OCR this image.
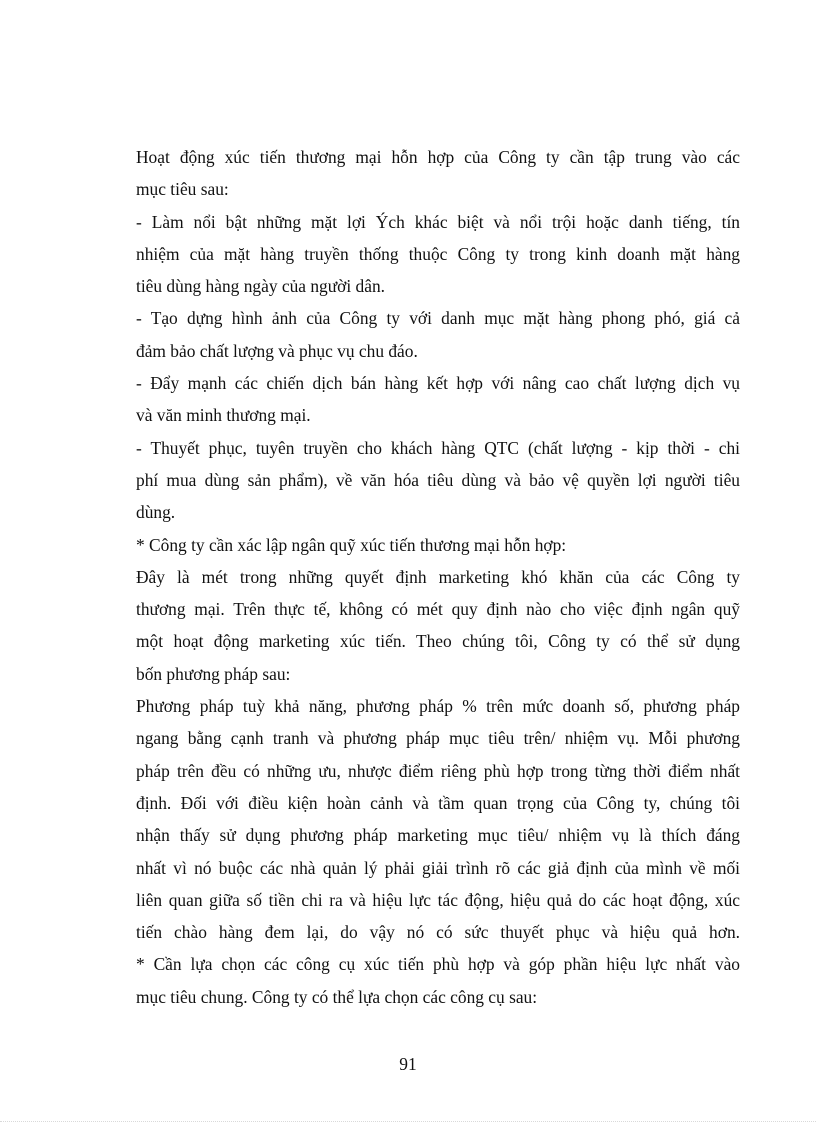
Hoạt động xúc tiến thương mại hỗn hợp của Công ty cần tập trung vào các
mục tiêu sau:

- Làm nổi bật những mặt lợi Ých khác biệt và nổi trội hoặc danh tiếng, tín
nhiệm của mặt hàng truyền thống thuộc Công ty trong kinh doanh mặt hàng
tiêu dùng hàng ngày của người dân.

- Tạo dựng hình ảnh của Công ty với danh mục mặt hàng phong phó, giá cả
đảm bảo chất lượng và phục vụ chu đáo.

- Đẩy mạnh các chiến dịch bán hàng kết hợp với nâng cao chất lượng dịch vụ
và văn minh thương mại.

- Thuyết phục, tuyên truyền cho khách hàng QTC (chất lượng - kịp thời - chi
phí mua dùng sản phẩm), về văn hóa tiêu dùng và bảo vệ quyền lợi người tiêu
dùng.

* Công ty cần xác lập ngân quỹ xúc tiến thương mại hỗn hợp:

Đây là mét trong những quyết định marketing khó khăn của các Công ty
thương mại. Trên thực tế, không có mét quy định nào cho việc định ngân quỹ
một hoạt động marketing xúc tiến. Theo chúng tôi, Công ty có thể sử dụng
bốn phương pháp sau:

Phương pháp tuỳ khả năng, phương pháp % trên mức doanh số, phương pháp
ngang bằng cạnh tranh và phương pháp mục tiêu trên/ nhiệm vụ. Mỗi phương
pháp trên đều có những ưu, nhược điểm riêng phù hợp trong từng thời điểm nhất
định. Đối với điều kiện hoàn cảnh và tầm quan trọng của Công ty, chúng tôi
nhận thấy sử dụng phương pháp marketing mục tiêu/ nhiệm vụ là thích đáng
nhất vì nó buộc các nhà quản lý phải giải trình rõ các giả định của mình về mối
liên quan giữa số tiền chi ra và hiệu lực tác động, hiệu quả do các hoạt động, xúc
tiến chào hàng đem lại, do vậy nó có sức thuyết phục và hiệu quả hơn.

* Cần lựa chọn các công cụ xúc tiến phù hợp và góp phần hiệu lực nhất vào
mục tiêu chung. Công ty có thể lựa chọn các công cụ sau:

91
